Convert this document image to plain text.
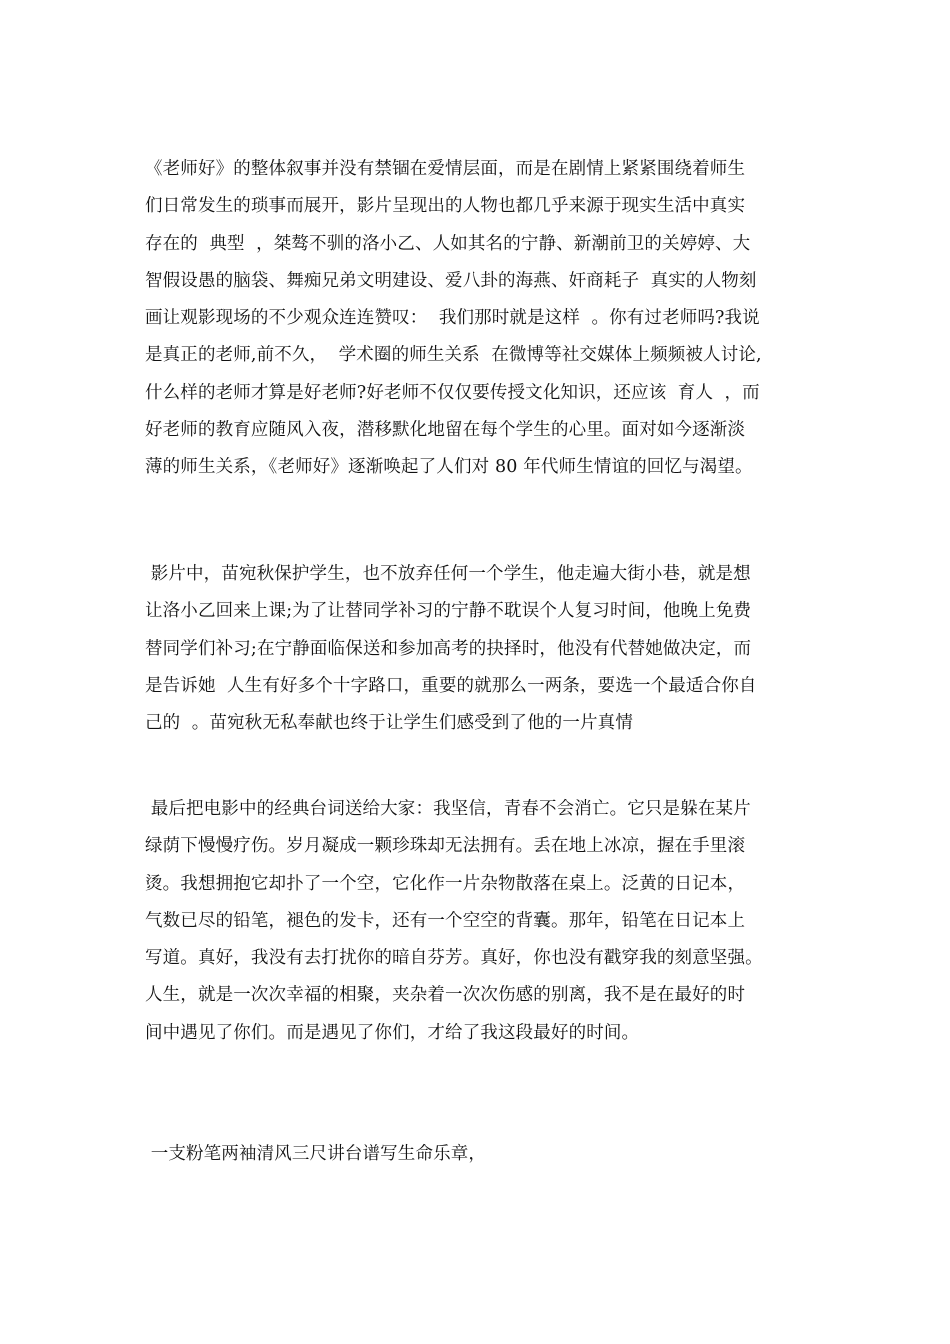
《老师好》的整体叙事并没有禁锢在爱情层面，而是在剧情上紧紧围绕着师生
们日常发生的琐事而展开，影片呈现出的人物也都几乎来源于现实生活中真实
存在的  典型  ，桀骜不驯的洛小乙、人如其名的宁静、新潮前卫的关婷婷、大
智假设愚的脑袋、舞痴兄弟文明建设、爱八卦的海燕、奸商耗子  真实的人物刻
画让观影现场的不少观众连连赞叹：  我们那时就是这样  。你有过老师吗?我说
是真正的老师,前不久，  学术圈的师生关系  在微博等社交媒体上频频被人讨论,
什么样的老师才算是好老师?好老师不仅仅要传授文化知识，还应该  育人  ，而
好老师的教育应随风入夜，潜移默化地留在每个学生的心里。面对如今逐渐淡
薄的师生关系，《老师好》逐渐唤起了人们对 80 年代师生情谊的回忆与渴望。
影片中，苗宛秋保护学生，也不放弃任何一个学生，他走遍大街小巷，就是想
让洛小乙回来上课;为了让替同学补习的宁静不耽误个人复习时间，他晚上免费
替同学们补习;在宁静面临保送和参加高考的抉择时，他没有代替她做决定，而
是告诉她  人生有好多个十字路口，重要的就那么一两条，要选一个最适合你自
己的  。苗宛秋无私奉献也终于让学生们感受到了他的一片真情
最后把电影中的经典台词送给大家：我坚信，青春不会消亡。它只是躲在某片
绿荫下慢慢疗伤。岁月凝成一颗珍珠却无法拥有。丢在地上冰凉，握在手里滚
烫。我想拥抱它却扑了一个空，它化作一片杂物散落在桌上。泛黄的日记本，
气数已尽的铅笔，褪色的发卡，还有一个空空的背囊。那年，铅笔在日记本上
写道。真好，我没有去打扰你的暗自芬芳。真好，你也没有戳穿我的刻意坚强。
人生，就是一次次幸福的相聚，夹杂着一次次伤感的别离，我不是在最好的时
间中遇见了你们。而是遇见了你们，才给了我这段最好的时间。
一支粉笔两袖清风三尺讲台谱写生命乐章，
